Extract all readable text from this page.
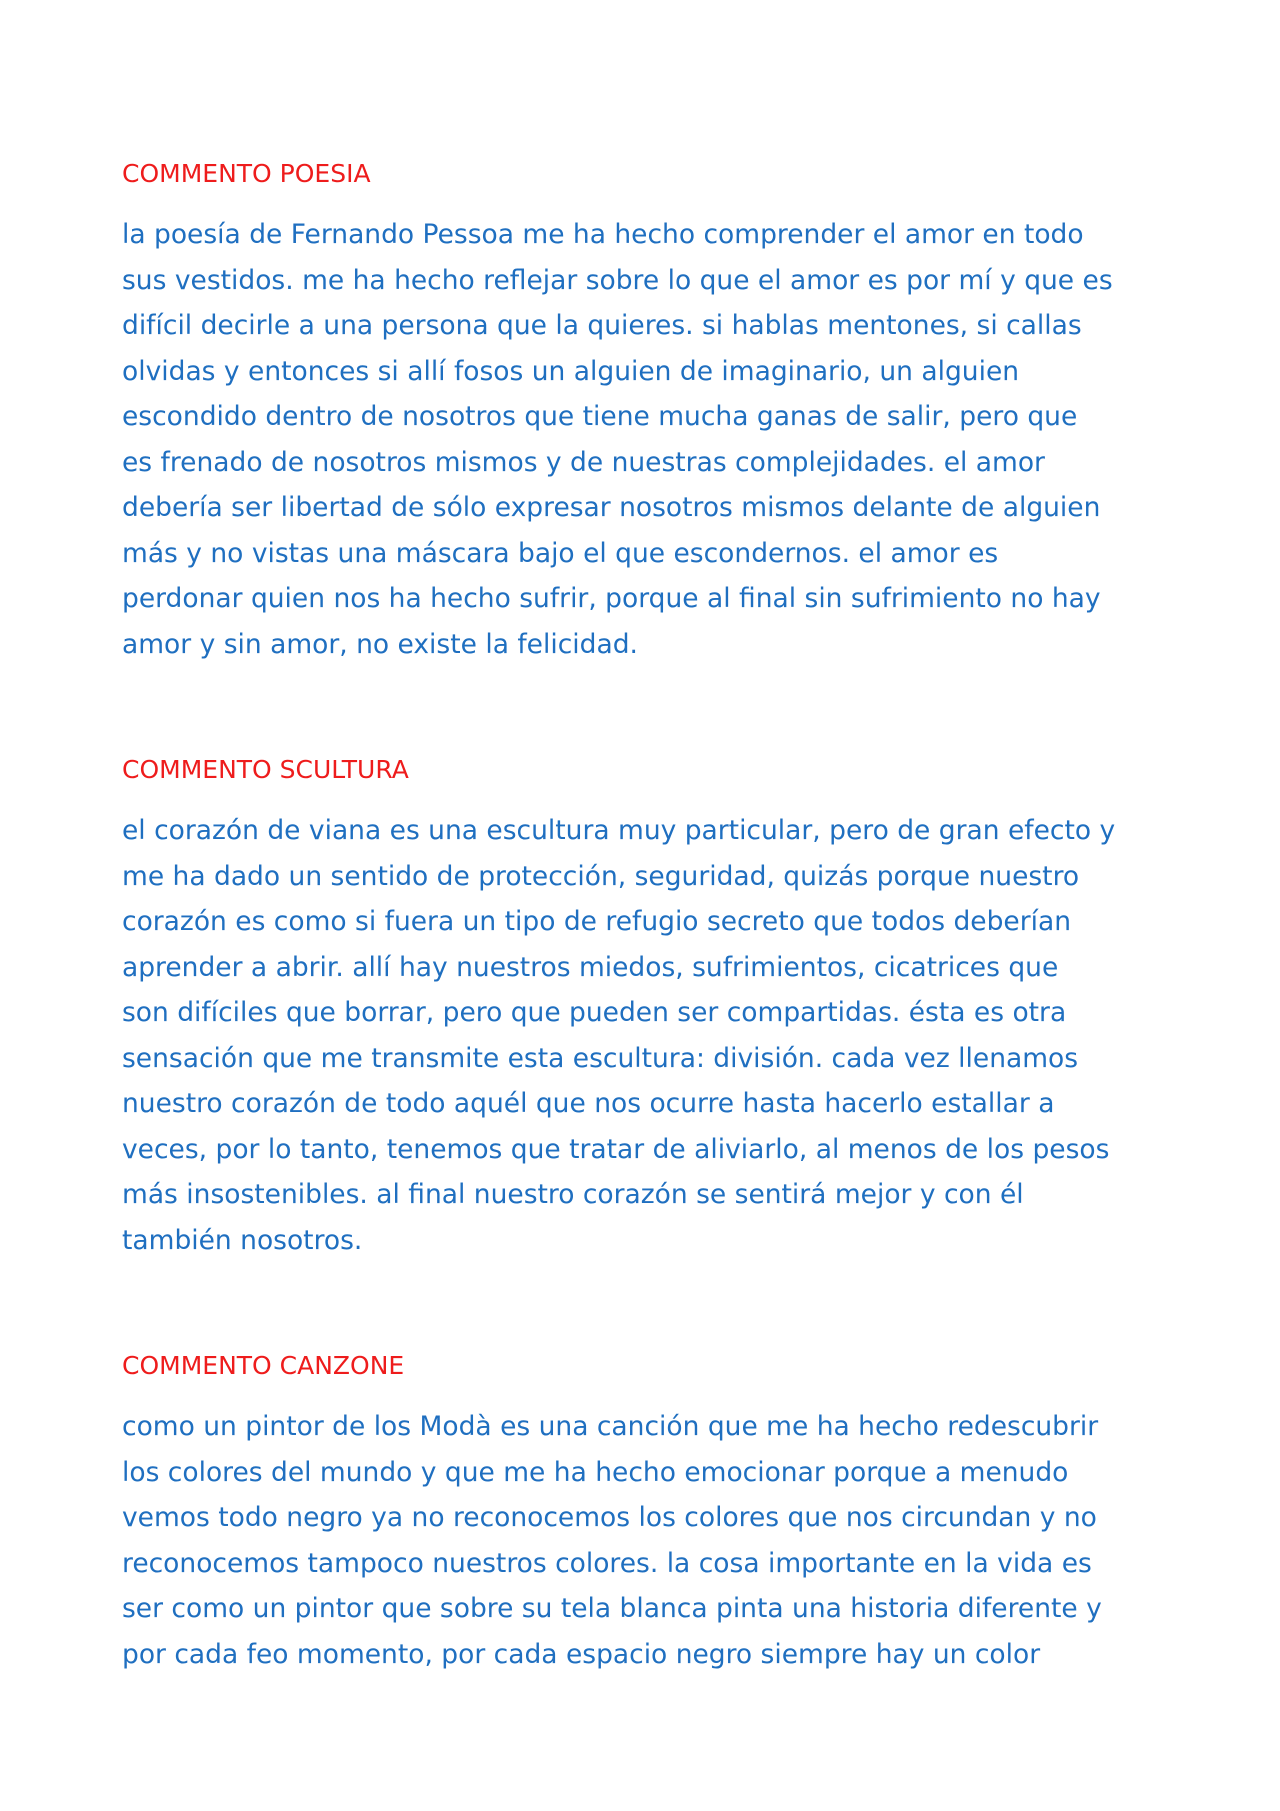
COMMENTO POESIA

la poesía de Fernando Pessoa me ha hecho comprender el amor en todo
sus vestidos. me ha hecho reflejar sobre lo que el amor es por mí y que es
difícil decirle a una persona que la quieres. si hablas mentones, si callas
olvidas y entonces si allí fosos un alguien de imaginario, un alguien
escondido dentro de nosotros que tiene mucha ganas de salir, pero que
es frenado de nosotros mismos y de nuestras complejidades. el amor
debería ser libertad de sólo expresar nosotros mismos delante de alguien
más y no vistas una máscara bajo el que escondernos. el amor es
perdonar quien nos ha hecho sufrir, porque al final sin sufrimiento no hay
amor y sin amor, no existe la felicidad.

COMMENTO SCULTURA

el corazón de viana es una escultura muy particular, pero de gran efecto y
me ha dado un sentido de protección, seguridad, quizás porque nuestro
corazón es como si fuera un tipo de refugio secreto que todos deberían
aprender a abrir. allí hay nuestros miedos, sufrimientos, cicatrices que
son difíciles que borrar, pero que pueden ser compartidas. ésta es otra
sensación que me transmite esta escultura: división. cada vez llenamos
nuestro corazón de todo aquél que nos ocurre hasta hacerlo estallar a
veces, por lo tanto, tenemos que tratar de aliviarlo, al menos de los pesos
más insostenibles. al final nuestro corazón se sentirá mejor y con él
también nosotros.

COMMENTO CANZONE

como un pintor de los Modà es una canción que me ha hecho redescubrir
los colores del mundo y que me ha hecho emocionar porque a menudo
vemos todo negro ya no reconocemos los colores que nos circundan y no
reconocemos tampoco nuestros colores. la cosa importante en la vida es
ser como un pintor que sobre su tela blanca pinta una historia diferente y
por cada feo momento, por cada espacio negro siempre hay un color
